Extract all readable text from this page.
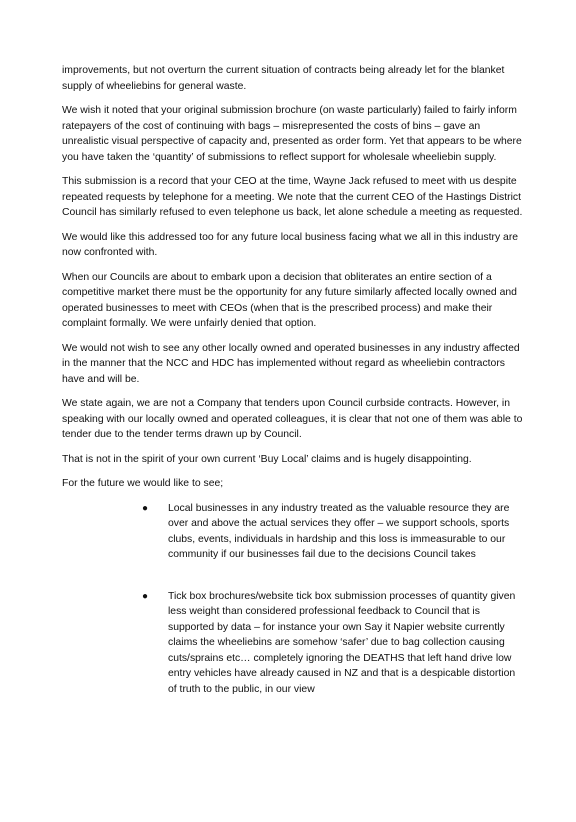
improvements, but not overturn the current situation of contracts being already let for the blanket supply of wheeliebins for general waste.

We wish it noted that your original submission brochure (on waste particularly) failed to fairly inform ratepayers of the cost of continuing with bags – misrepresented the costs of bins – gave an unrealistic visual perspective of capacity and, presented as order form. Yet that appears to be where you have taken the ‘quantity’ of submissions to reflect support for wholesale wheeliebin supply.

This submission is a record that your CEO at the time, Wayne Jack refused to meet with us despite repeated requests by telephone for a meeting. We note that the current CEO of the Hastings District Council has similarly refused to even telephone us back, let alone schedule a meeting as requested.

We would like this addressed too for any future local business facing what we all in this industry are now confronted with.

When our Councils are about to embark upon a decision that obliterates an entire section of a competitive market there must be the opportunity for any future similarly affected locally owned and operated businesses to meet with CEOs (when that is the prescribed process) and make their complaint formally. We were unfairly denied that option.

We would not wish to see any other locally owned and operated businesses in any industry affected in the manner that the NCC and HDC has implemented without regard as wheeliebin contractors have and will be.

We state again, we are not a Company that tenders upon Council curbside contracts. However, in speaking with our locally owned and operated colleagues, it is clear that not one of them was able to tender due to the tender terms drawn up by Council.

That is not in the spirit of your own current ‘Buy Local’ claims and is hugely disappointing.

For the future we would like to see;

● Local businesses in any industry treated as the valuable resource they are over and above the actual services they offer – we support schools, sports clubs, events, individuals in hardship and this loss is immeasurable to our community if our businesses fail due to the decisions Council takes
● Tick box brochures/website tick box submission processes of quantity given less weight than considered professional feedback to Council that is supported by data – for instance your own Say it Napier website currently claims the wheeliebins are somehow ‘safer’ due to bag collection causing cuts/sprains etc… completely ignoring the DEATHS that left hand drive low entry vehicles have already caused in NZ and that is a despicable distortion of truth to the public, in our view
